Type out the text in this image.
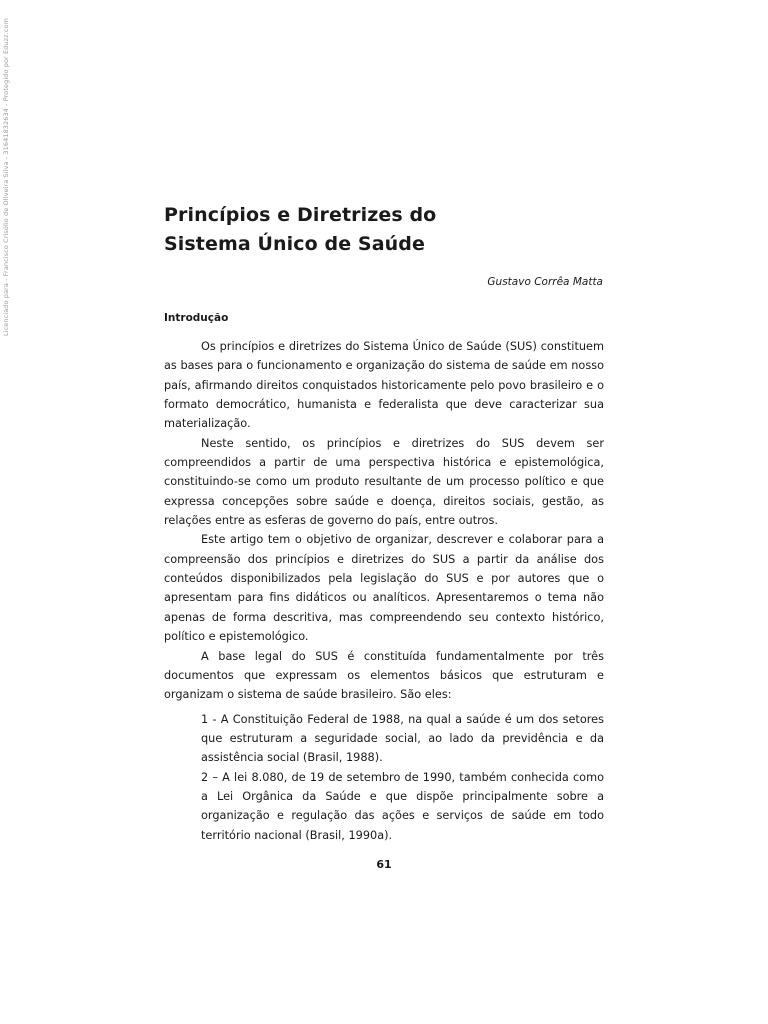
Licenciado para - Francisco Crisólio de Oliveira Silva - 31641832634 - Protegido por Eduzz.com	Princípios e Diretrizes do
Sistema Único de Saúde
Gustavo Corrêa Matta
Introdução

Os princípios e diretrizes do Sistema Único de Saúde (SUS) constituem as bases para o funcionamento e organização do sistema de saúde em nosso país, afirmando direitos conquistados historicamente pelo povo brasileiro e o formato democrático, humanista e federalista que deve caracterizar sua materialização.

Neste sentido, os princípios e diretrizes do SUS devem ser compreendidos a partir de uma perspectiva histórica e epistemológica, constituindo-se como um produto resultante de um processo político e que expressa concepções sobre saúde e doença, direitos sociais, gestão, as relações entre as esferas de governo do país, entre outros.

Este artigo tem o objetivo de organizar, descrever e colaborar para a compreensão dos princípios e diretrizes do SUS a partir da análise dos conteúdos disponibilizados pela legislação do SUS e por autores que o apresentam para fins didáticos ou analíticos. Apresentaremos o tema não apenas de forma descritiva, mas compreendendo seu contexto histórico, político e epistemológico.

A base legal do SUS é constituída fundamentalmente por três documentos que expressam os elementos básicos que estruturam e organizam o sistema de saúde brasileiro. São eles:

1 - A Constituição Federal de 1988, na qual a saúde é um dos setores que estruturam a seguridade social, ao lado da previdência e da assistência social (Brasil, 1988).

2 – A lei 8.080, de 19 de setembro de 1990, também conhecida como a Lei Orgânica da Saúde e que dispõe principalmente sobre a organização e regulação das ações e serviços de saúde em todo território nacional (Brasil, 1990a).

61
